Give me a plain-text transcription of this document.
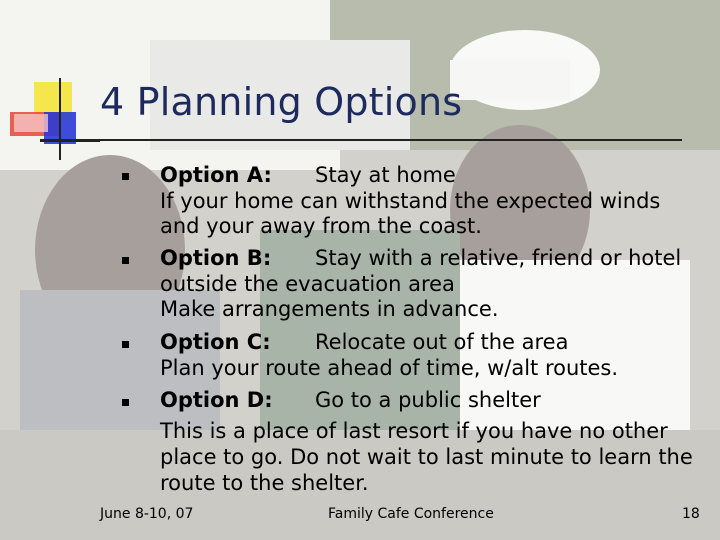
4 Planning Options
Option A: Stay at home
If your home can withstand the expected winds
and your away from the coast.
Option B: Stay with a relative, friend or hotel
outside the evacuation area
Make arrangements in advance.
Option C: Relocate out of the area
Plan your route ahead of time, w/alt routes.
Option D: Go to a public shelter
This is a place of last resort if you have no other
place to go. Do not wait to last minute to learn the
route to the shelter.
June 8-10, 07	Family Cafe Conference	18
